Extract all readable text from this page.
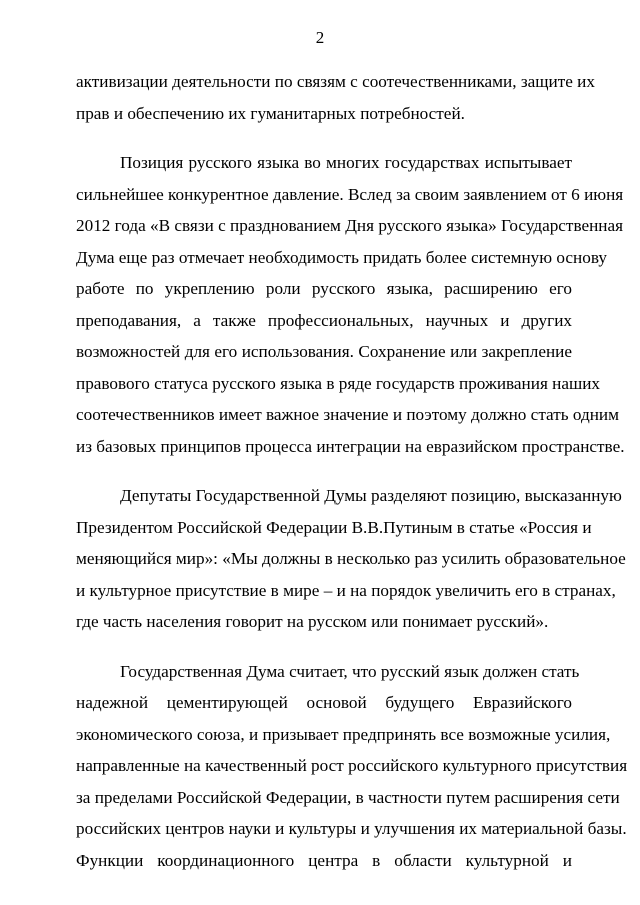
2
активизации деятельности по связям с соотечественниками, защите их
прав и обеспечению их гуманитарных потребностей.
Позиция русского языка во многих государствах испытывает
сильнейшее конкурентное давление. Вслед за своим заявлением от 6 июня
2012 года «В связи с празднованием Дня русского языка» Государственная
Дума еще раз отмечает необходимость придать более системную основу
работе по укреплению роли русского языка, расширению его
преподавания, а также профессиональных, научных и других
возможностей для его использования. Сохранение или закрепление
правового статуса русского языка в ряде государств проживания наших
соотечественников имеет важное значение и поэтому должно стать одним
из базовых принципов процесса интеграции на евразийском пространстве.
Депутаты Государственной Думы разделяют позицию, высказанную
Президентом Российской Федерации В.В.Путиным в статье «Россия и
меняющийся мир»: «Мы должны в несколько раз усилить образовательное
и культурное присутствие в мире – и на порядок увеличить его в странах,
где часть населения говорит на русском или понимает русский».
Государственная Дума считает, что русский язык должен стать
надежной цементирующей основой будущего Евразийского
экономического союза, и призывает предпринять все возможные усилия,
направленные на качественный рост российского культурного присутствия
за пределами Российской Федерации, в частности путем расширения сети
российских центров науки и культуры и улучшения их материальной базы.
Функции координационного центра в области культурной и
